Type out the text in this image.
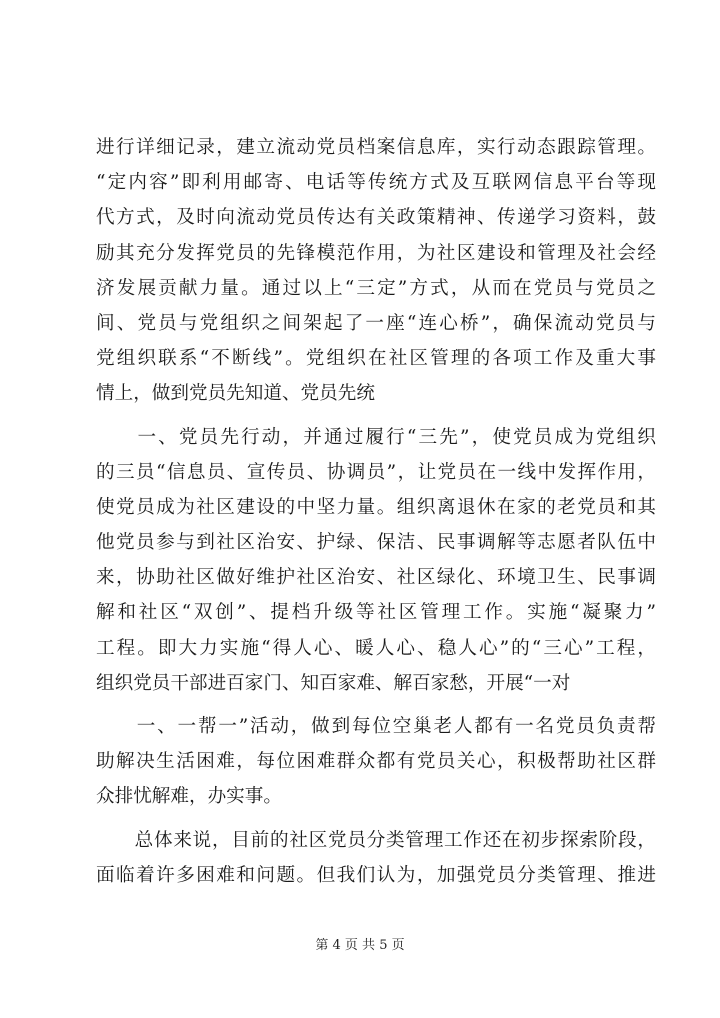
进行详细记录，建立流动党员档案信息库，实行动态跟踪管理。
“定内容”即利用邮寄、电话等传统方式及互联网信息平台等现
代方式，及时向流动党员传达有关政策精神、传递学习资料，鼓
励其充分发挥党员的先锋模范作用，为社区建设和管理及社会经
济发展贡献力量。通过以上“三定”方式，从而在党员与党员之
间、党员与党组织之间架起了一座“连心桥”，确保流动党员与
党组织联系“不断线”。党组织在社区管理的各项工作及重大事
情上，做到党员先知道、党员先统
　　一、党员先行动，并通过履行“三先”，使党员成为党组织
的三员“信息员、宣传员、协调员”，让党员在一线中发挥作用，
使党员成为社区建设的中坚力量。组织离退休在家的老党员和其
他党员参与到社区治安、护绿、保洁、民事调解等志愿者队伍中
来，协助社区做好维护社区治安、社区绿化、环境卫生、民事调
解和社区“双创”、提档升级等社区管理工作。实施“凝聚力”
工程。即大力实施“得人心、暖人心、稳人心”的“三心”工程，
组织党员干部进百家门、知百家难、解百家愁，开展“一对
　　一、一帮一”活动，做到每位空巢老人都有一名党员负责帮
助解决生活困难，每位困难群众都有党员关心，积极帮助社区群
众排忧解难，办实事。
　　总体来说，目前的社区党员分类管理工作还在初步探索阶段，
面临着许多困难和问题。但我们认为，加强党员分类管理、推进
第 4 页 共 5 页
